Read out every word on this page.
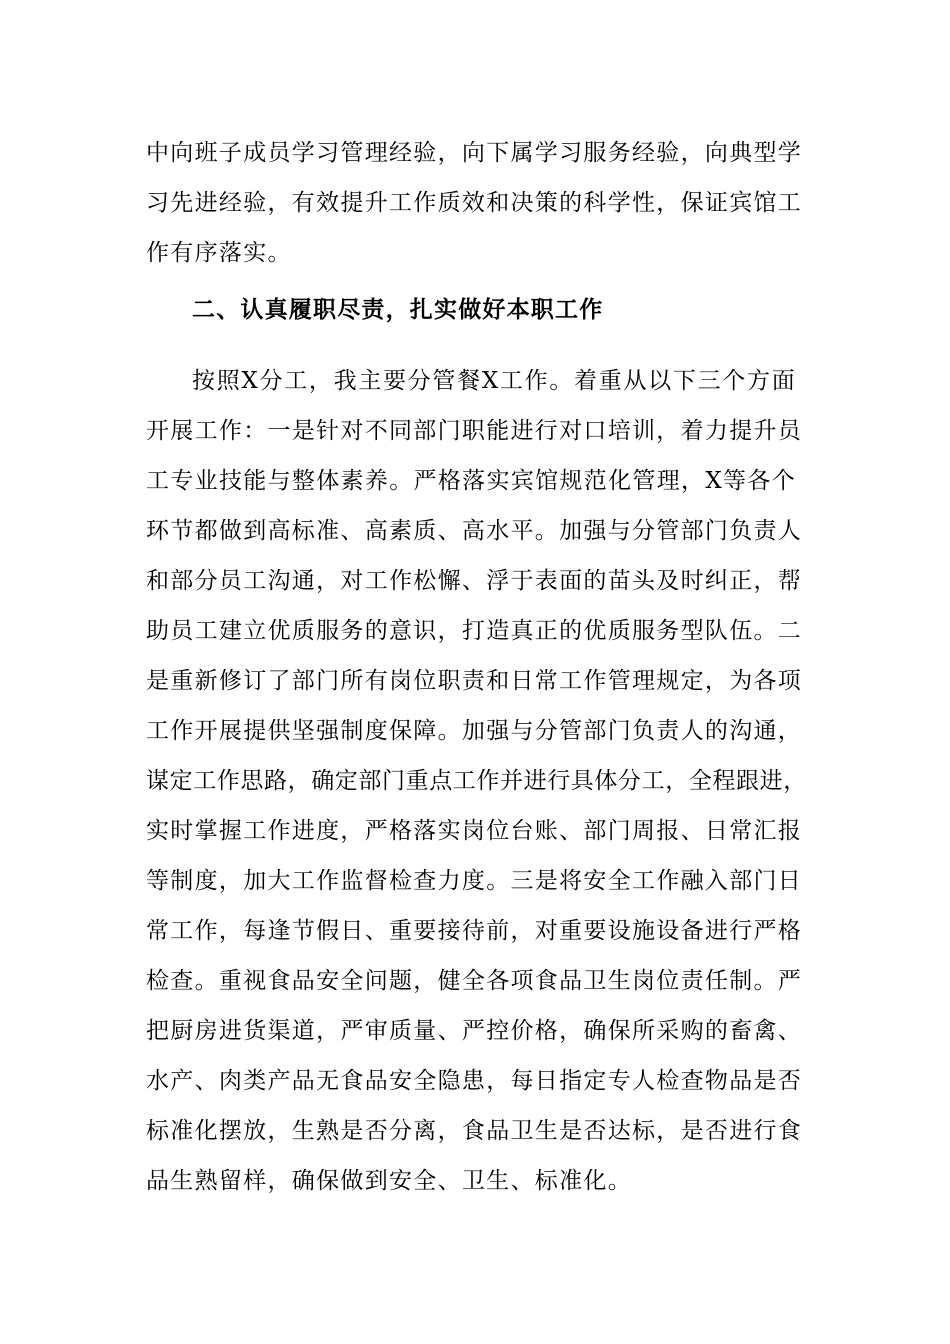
中向班子成员学习管理经验，向下属学习服务经验，向典型学
习先进经验，有效提升工作质效和决策的科学性，保证宾馆工
作有序落实。
二、认真履职尽责，扎实做好本职工作
按照X分工，我主要分管餐X工作。着重从以下三个方面
开展工作：一是针对不同部门职能进行对口培训，着力提升员
工专业技能与整体素养。严格落实宾馆规范化管理，X等各个
环节都做到高标准、高素质、高水平。加强与分管部门负责人
和部分员工沟通，对工作松懈、浮于表面的苗头及时纠正，帮
助员工建立优质服务的意识，打造真正的优质服务型队伍。二
是重新修订了部门所有岗位职责和日常工作管理规定，为各项
工作开展提供坚强制度保障。加强与分管部门负责人的沟通，
谋定工作思路，确定部门重点工作并进行具体分工，全程跟进，
实时掌握工作进度，严格落实岗位台账、部门周报、日常汇报
等制度，加大工作监督检查力度。三是将安全工作融入部门日
常工作，每逢节假日、重要接待前，对重要设施设备进行严格
检查。重视食品安全问题，健全各项食品卫生岗位责任制。严
把厨房进货渠道，严审质量、严控价格，确保所采购的畜禽、
水产、肉类产品无食品安全隐患，每日指定专人检查物品是否
标准化摆放，生熟是否分离，食品卫生是否达标，是否进行食
品生熟留样，确保做到安全、卫生、标准化。
